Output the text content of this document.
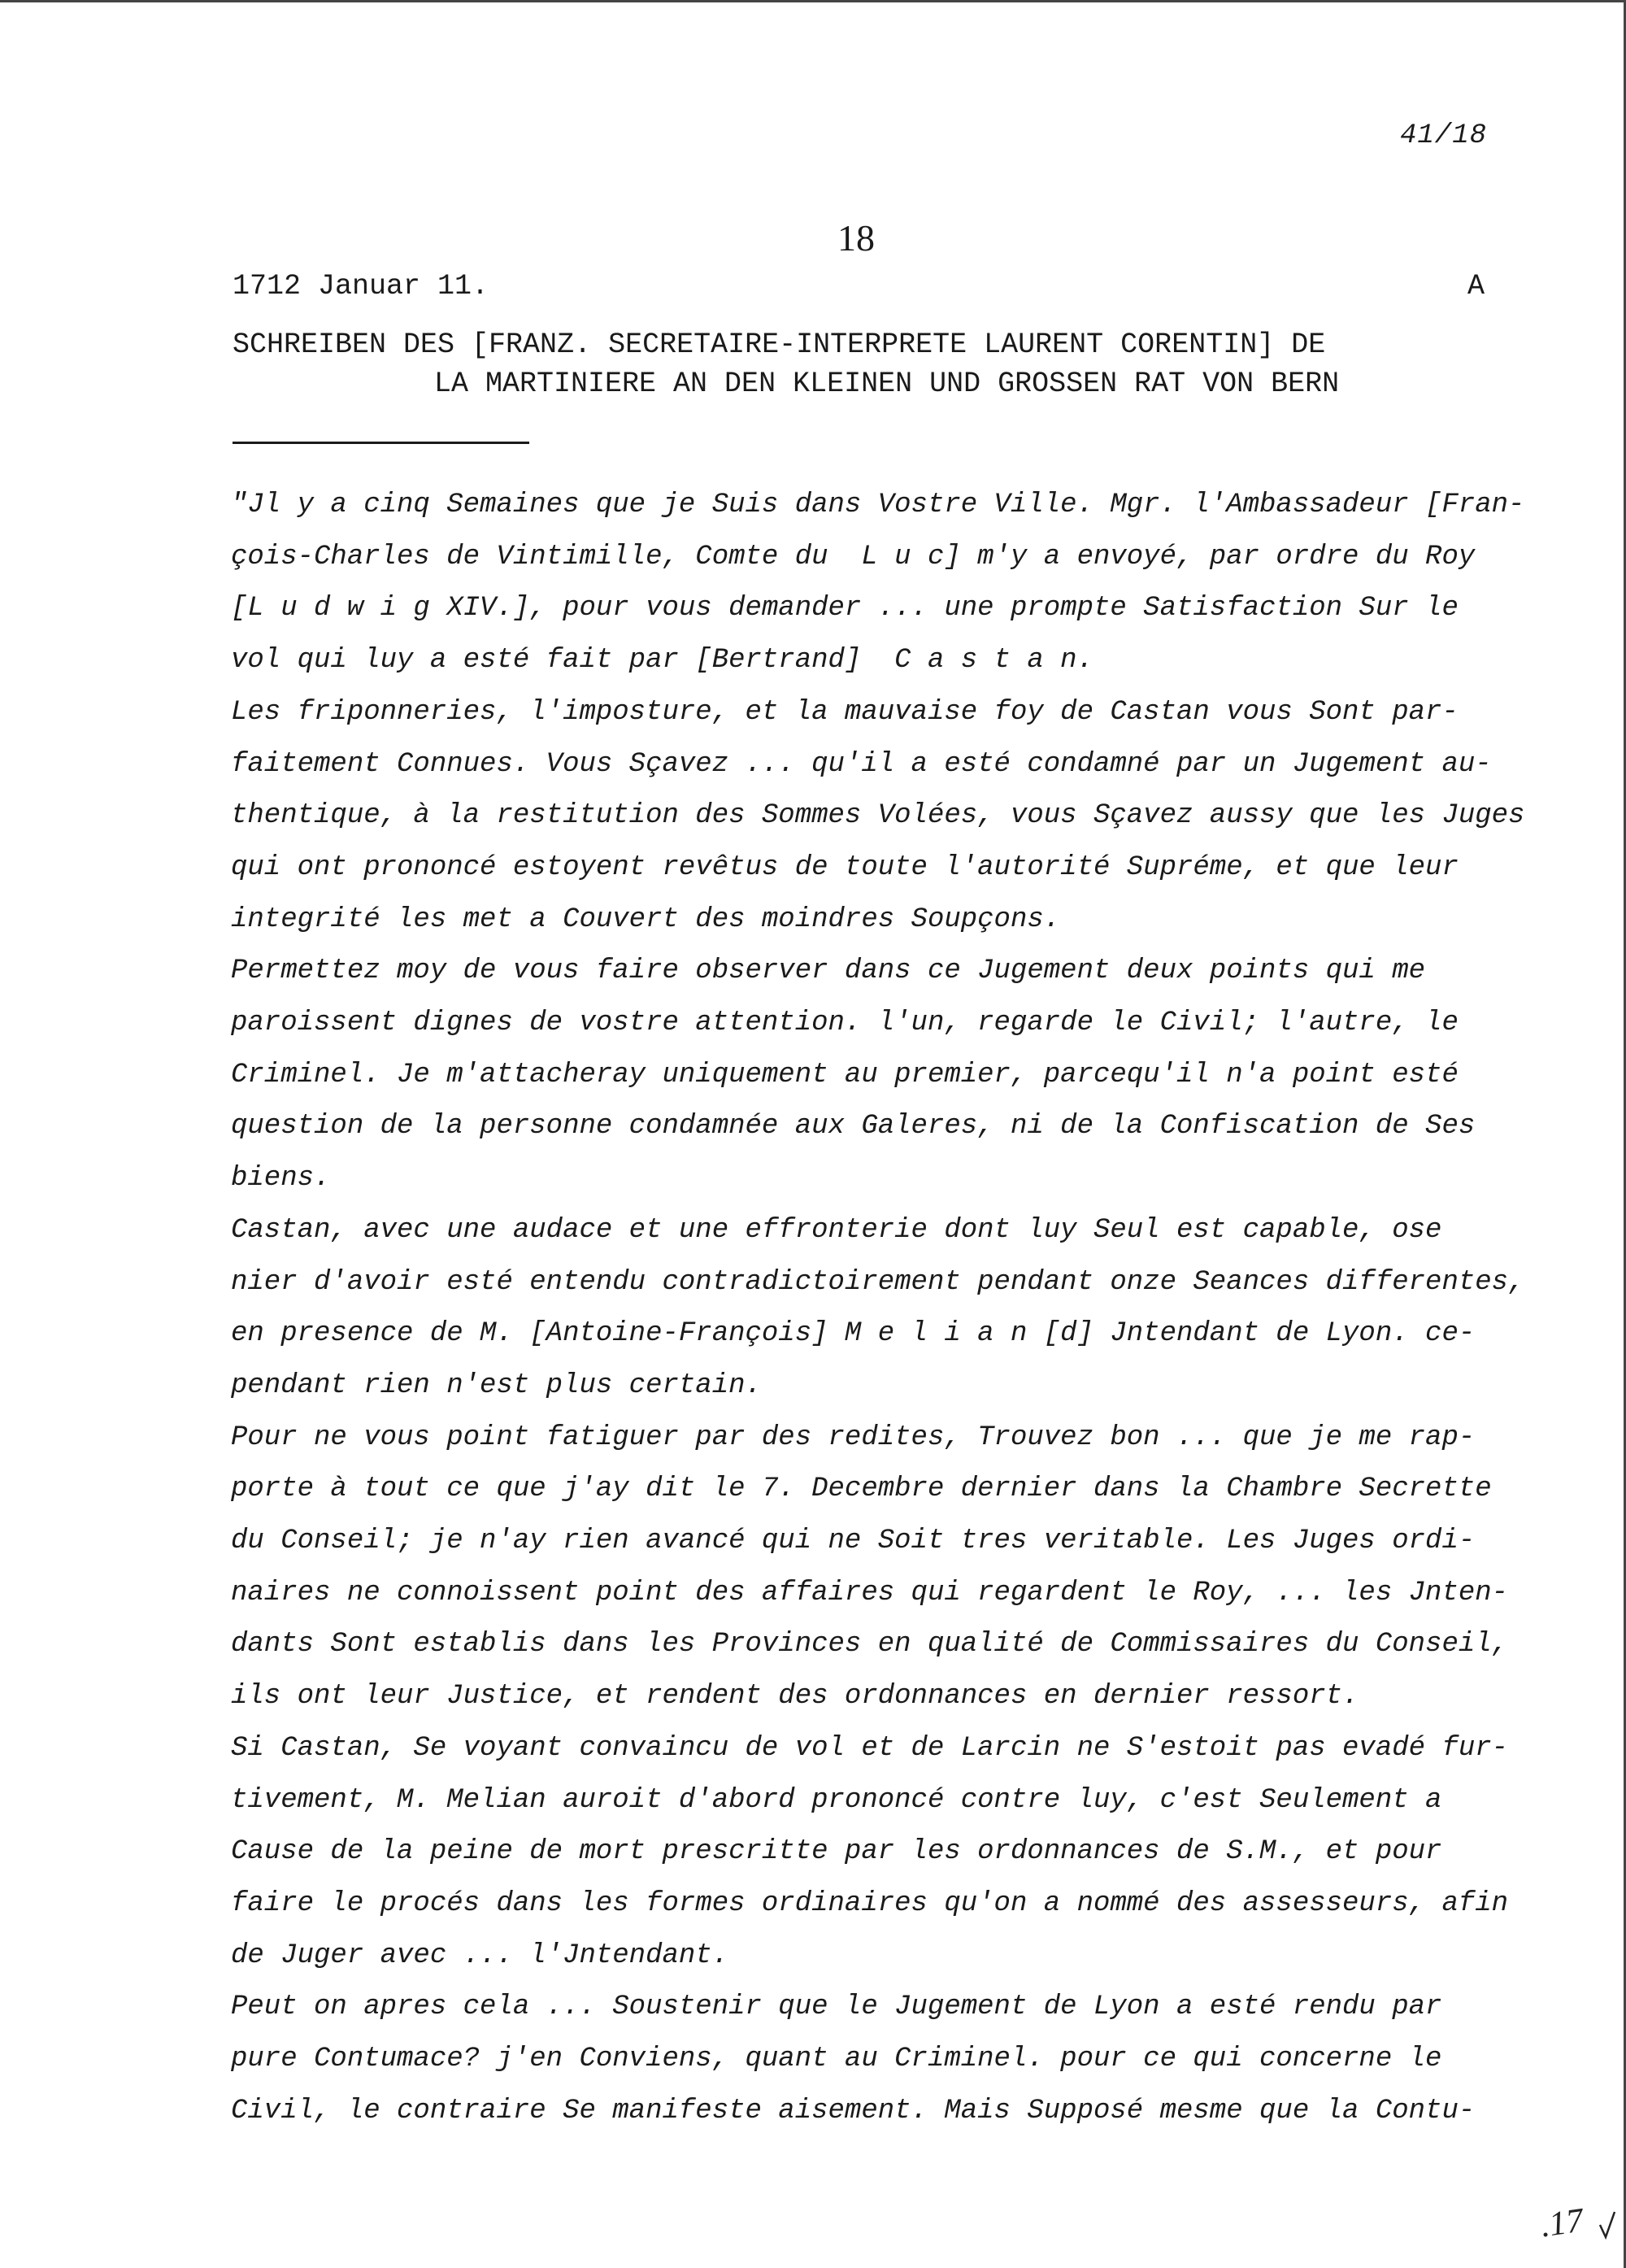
41/18
18
1712 Januar 11.	A
SCHREIBEN DES [FRANZ. SECRETAIRE-INTERPRETE LAURENT CORENTIN] DE
LA MARTINIERE AN DEN KLEINEN UND GROSSEN RAT VON BERN

"Jl y a cinq Semaines que je Suis dans Vostre Ville. Mgr. l'Ambassadeur [Fran-

çois-Charles de Vintimille, Comte du  L u c] m'y a envoyé, par ordre du Roy

[L u d w i g XIV.], pour vous demander ... une prompte Satisfaction Sur le

vol qui luy a esté fait par [Bertrand]  C a s t a n.

Les friponneries, l'imposture, et la mauvaise foy de Castan vous Sont par-

faitement Connues. Vous Sçavez ... qu'il a esté condamné par un Jugement au-

thentique, à la restitution des Sommes Volées, vous Sçavez aussy que les Juges

qui ont prononcé estoyent revêtus de toute l'autorité Supréme, et que leur

integrité les met a Couvert des moindres Soupçons.

Permettez moy de vous faire observer dans ce Jugement deux points qui me

paroissent dignes de vostre attention. l'un, regarde le Civil; l'autre, le

Criminel. Je m'attacheray uniquement au premier, parcequ'il n'a point esté

question de la personne condamnée aux Galeres, ni de la Confiscation de Ses

biens.

Castan, avec une audace et une effronterie dont luy Seul est capable, ose

nier d'avoir esté entendu contradictoirement pendant onze Seances differentes,

en presence de M. [Antoine-François] M e l i a n [d] Jntendant de Lyon. ce-

pendant rien n'est plus certain.

Pour ne vous point fatiguer par des redites, Trouvez bon ... que je me rap-

porte à tout ce que j'ay dit le 7. Decembre dernier dans la Chambre Secrette

du Conseil; je n'ay rien avancé qui ne Soit tres veritable. Les Juges ordi-

naires ne connoissent point des affaires qui regardent le Roy, ... les Jnten-

dants Sont establis dans les Provinces en qualité de Commissaires du Conseil,

ils ont leur Justice, et rendent des ordonnances en dernier ressort.

Si Castan, Se voyant convaincu de vol et de Larcin ne S'estoit pas evadé fur-

tivement, M. Melian auroit d'abord prononcé contre luy, c'est Seulement a

Cause de la peine de mort prescritte par les ordonnances de S.M., et pour

faire le procés dans les formes ordinaires qu'on a nommé des assesseurs, afin

de Juger avec ... l'Jntendant.

Peut on apres cela ... Soustenir que le Jugement de Lyon a esté rendu par

pure Contumace? j'en Conviens, quant au Criminel. pour ce qui concerne le

Civil, le contraire Se manifeste aisement. Mais Supposé mesme que la Contu-

.17
